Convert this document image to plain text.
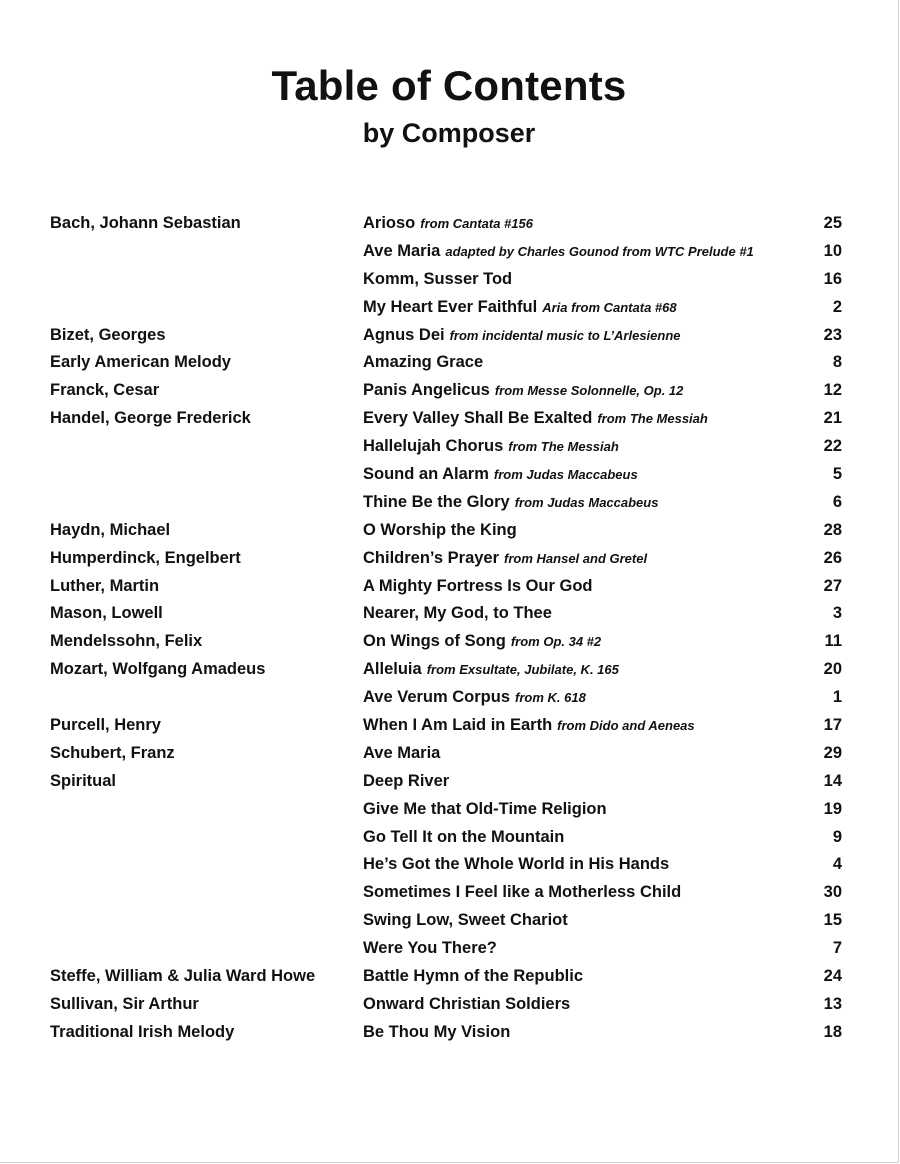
Table of Contents
by Composer
Bach, Johann Sebastian	Arioso from Cantata #156	25
Ave Maria adapted by Charles Gounod from WTC Prelude #1	10
Komm, Susser Tod	16
My Heart Ever Faithful Aria from Cantata #68	2
Bizet, Georges	Agnus Dei from incidental music to L’Arlesienne	23
Early American Melody	Amazing Grace	8
Franck, Cesar	Panis Angelicus from Messe Solonnelle, Op. 12	12
Handel, George Frederick	Every Valley Shall Be Exalted from The Messiah	21
Hallelujah Chorus from The Messiah	22
Sound an Alarm from Judas Maccabeus	5
Thine Be the Glory from Judas Maccabeus	6
Haydn, Michael	O Worship the King	28
Humperdinck, Engelbert	Children’s Prayer from Hansel and Gretel	26
Luther, Martin	A Mighty Fortress Is Our God	27
Mason, Lowell	Nearer, My God, to Thee	3
Mendelssohn, Felix	On Wings of Song from Op. 34 #2	11
Mozart, Wolfgang Amadeus	Alleluia from Exsultate, Jubilate, K. 165	20
Ave Verum Corpus from K. 618	1
Purcell, Henry	When I Am Laid in Earth from Dido and Aeneas	17
Schubert, Franz	Ave Maria	29
Spiritual	Deep River	14
Give Me that Old-Time Religion	19
Go Tell It on the Mountain	9
He’s Got the Whole World in His Hands	4
Sometimes I Feel like a Motherless Child	30
Swing Low, Sweet Chariot	15
Were You There?	7
Steffe, William & Julia Ward Howe	Battle Hymn of the Republic	24
Sullivan, Sir Arthur	Onward Christian Soldiers	13
Traditional Irish Melody	Be Thou My Vision	18
